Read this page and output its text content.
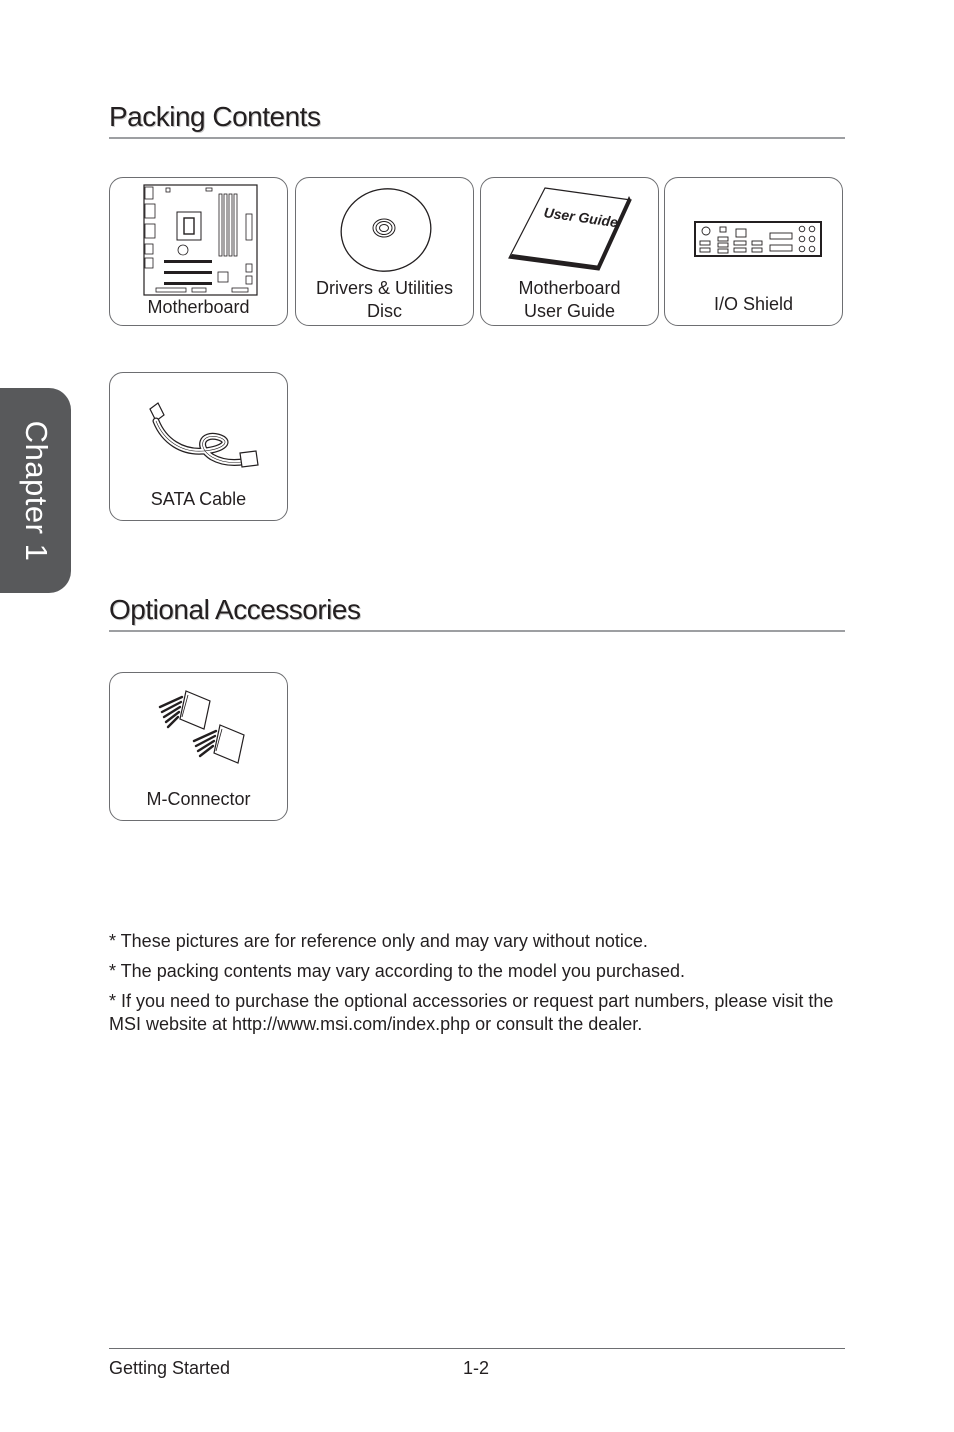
Chapter 1
Packing Contents
Motherboard
Drivers & Utilities
Disc
User Guide
Motherboard
User Guide	I/O Shield
SATA Cable
Optional Accessories
M-Connector

* These pictures are for reference only and may vary without notice.

* The packing contents may vary according to the model you purchased.

* If you need to purchase the optional accessories or request part numbers, please visit the MSI website at http://www.msi.com/index.php or consult the dealer.

Getting Started	1-2
